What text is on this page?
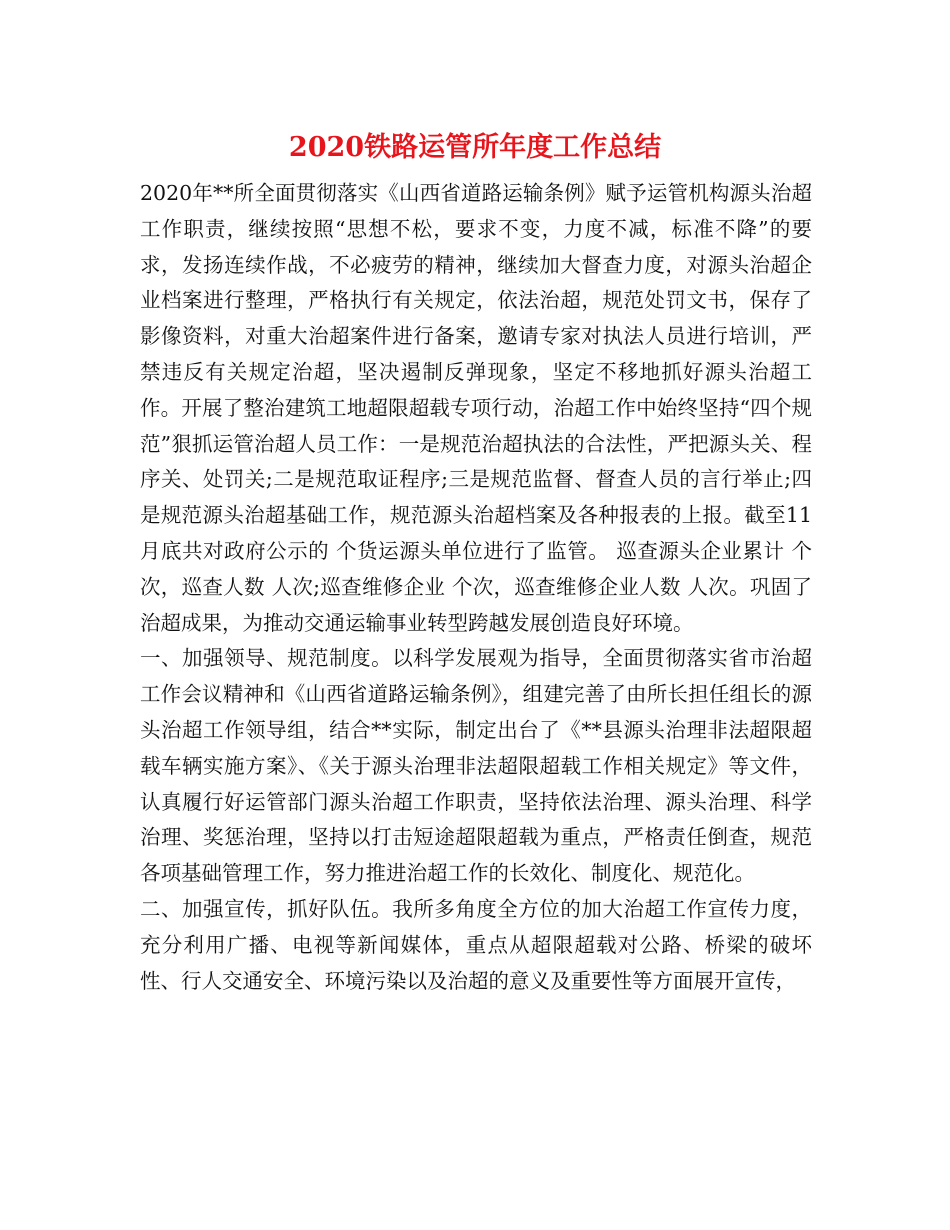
2020铁路运管所年度工作总结

2020年**所全面贯彻落实《山西省道路运输条例》赋予运管机构源头治超工作职责，继续按照“思想不松，要求不变，力度不减，标准不降”的要求，发扬连续作战，不必疲劳的精神，继续加大督查力度，对源头治超企业档案进行整理，严格执行有关规定，依法治超，规范处罚文书，保存了影像资料，对重大治超案件进行备案，邀请专家对执法人员进行培训，严禁违反有关规定治超，坚决遏制反弹现象，坚定不移地抓好源头治超工作。开展了整治建筑工地超限超载专项行动，治超工作中始终坚持“四个规范”狠抓运管治超人员工作：一是规范治超执法的合法性，严把源头关、程序关、处罚关;二是规范取证程序;三是规范监督、督查人员的言行举止;四是规范源头治超基础工作，规范源头治超档案及各种报表的上报。截至11月底共对政府公示的 个货运源头单位进行了监管。 巡查源头企业累计 个次，巡查人数 人次;巡查维修企业 个次，巡查维修企业人数 人次。巩固了治超成果，为推动交通运输事业转型跨越发展创造良好环境。

一、加强领导、规范制度。以科学发展观为指导，全面贯彻落实省市治超工作会议精神和《山西省道路运输条例》，组建完善了由所长担任组长的源头治超工作领导组，结合**实际，制定出台了《**县源头治理非法超限超载车辆实施方案》、《关于源头治理非法超限超载工作相关规定》等文件，认真履行好运管部门源头治超工作职责，坚持依法治理、源头治理、科学治理、奖惩治理，坚持以打击短途超限超载为重点，严格责任倒查，规范各项基础管理工作，努力推进治超工作的长效化、制度化、规范化。

二、加强宣传，抓好队伍。我所多角度全方位的加大治超工作宣传力度，充分利用广播、电视等新闻媒体，重点从超限超载对公路、桥梁的破坏性、行人交通安全、环境污染以及治超的意义及重要性等方面展开宣传，
